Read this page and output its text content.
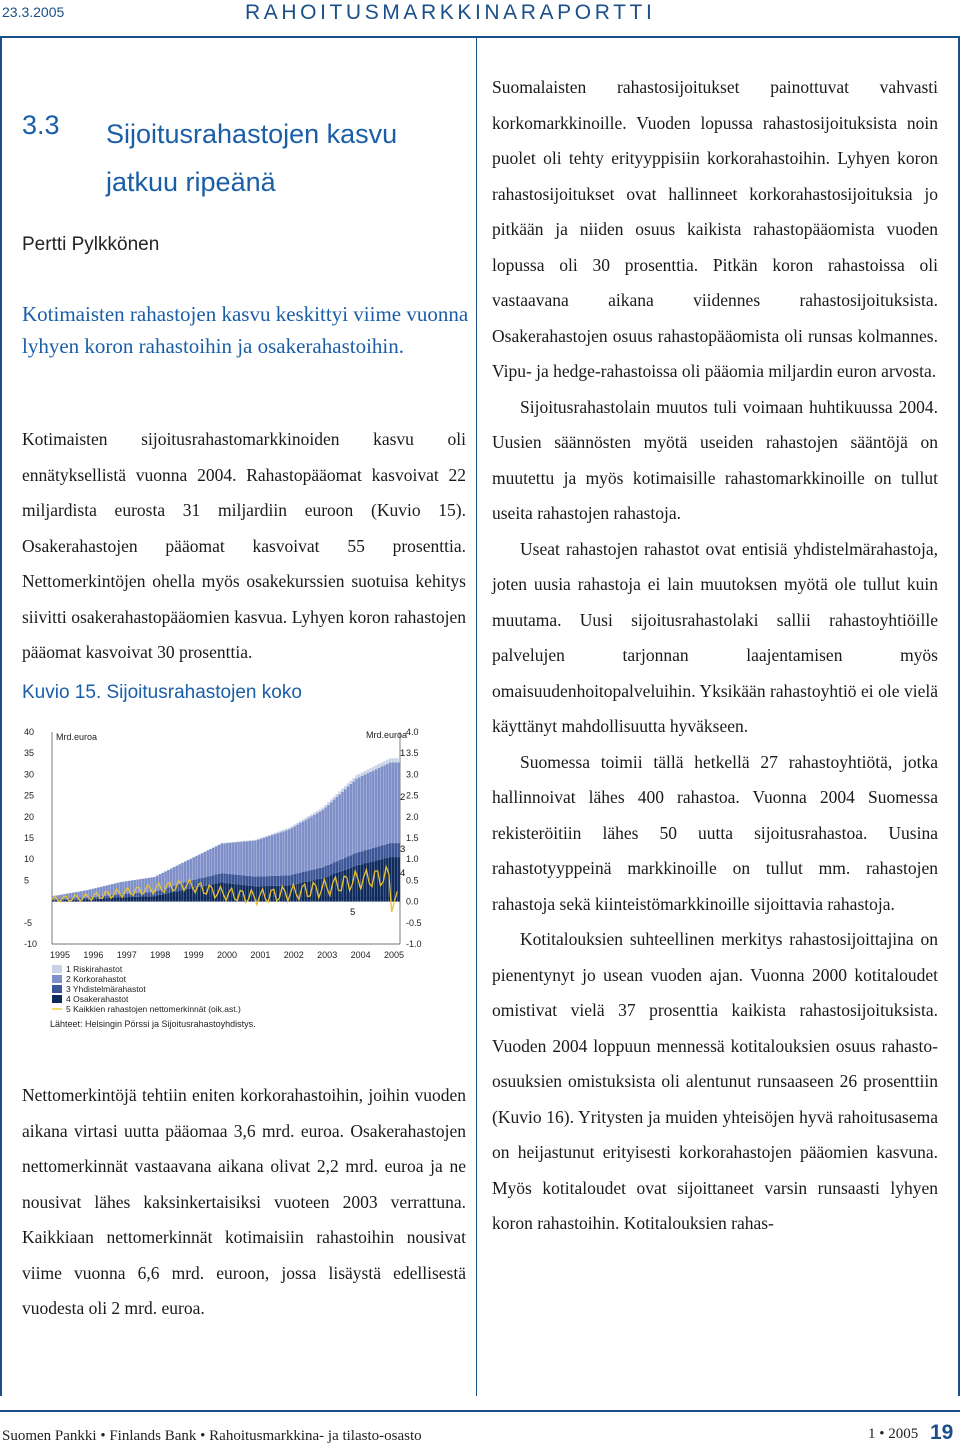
23.3.2005	RAHOITUSMARKKINARAPORTTI
3.3 Sijoitusrahastojen kasvu
jatkuu ripeänä
Pertti Pylkkönen
Kotimaisten rahastojen kasvu keskittyi viime vuonna lyhyen koron rahastoihin ja osakerahastoihin.
Kotimaisten sijoitusrahastomarkkinoiden kasvu oli ennätyksellistä vuonna 2004. Rahastopääomat kasvoivat 22 miljardista eurosta 31 miljardiin euroon (Kuvio 15). Osakerahastojen pääomat kasvoivat 55 prosenttia. Nettomerkintöjen ohella myös osakekurssien suotuisa kehitys siivitti osakerahastopääomien kasvua. Lyhyen koron rahastojen pääomat kasvoivat 30 prosenttia.
Kuvio 15. Sijoitusrahastojen koko
Mrd.euroa	Mrd.euroa
40
35
30
25
20
15
10
5
-5
-10
4.0
3.5
3.0
2.5
2.0
1.5
1.0
0.5
0.0
-0.5
-1.0
1995 1996 1997 1998 1999 2000 2001 2002 2003 2004 2005
1
2
3
4
5
1 Riskirahastot
2 Korkorahastot
3 Yhdistelmärahastot
4 Osakerahastot
5 Kaikkien rahastojen nettomerkinnät (oik.ast.)
Lähteet: Helsingin Pörssi ja Sijoitusrahastoyhdistys.
Nettomerkintöjä tehtiin eniten korkorahastoihin, joihin vuoden aikana virtasi uutta pääomaa 3,6 mrd. euroa. Osakerahastojen nettomerkinnät vastaavana aikana olivat 2,2 mrd. euroa ja ne nousivat lähes kaksinkertaisiksi vuoteen 2003 verrattuna. Kaikkiaan nettomerkinnät kotimaisiin rahastoihin nousivat viime vuonna 6,6 mrd. euroon, jossa lisäystä edellisestä vuodesta oli 2 mrd. euroa.

Suomalaisten rahastosijoitukset painottuvat vahvasti korkomarkkinoille. Vuoden lopussa rahastosijoituksista noin puolet oli tehty erityyppisiin korkorahastoihin. Lyhyen koron rahastosijoitukset ovat hallinneet korkorahastosijoituksia jo pitkään ja niiden osuus kaikista rahastopääomista vuoden lopussa oli 30 prosenttia. Pitkän koron rahastoissa oli vastaavana aikana viidennes rahastosijoituksista. Osakerahastojen osuus rahastopääomista oli runsas kolmannes. Vipu- ja hedge-rahastoissa oli pääomia miljardin euron arvosta.

Sijoitusrahastolain muutos tuli voimaan huhtikuussa 2004. Uusien säännösten myötä useiden rahastojen sääntöjä on muutettu ja myös kotimaisille rahastomarkkinoille on tullut useita rahastojen rahastoja.

Useat rahastojen rahastot ovat entisiä yhdistelmärahastoja, joten uusia rahastoja ei lain muutoksen myötä ole tullut kuin muutama. Uusi sijoitusrahastolaki sallii rahastoyhtiöille palvelujen tarjonnan laajentamisen myös omaisuudenhoitopalveluihin. Yksikään rahastoyhtiö ei ole vielä käyttänyt mahdollisuutta hyväkseen.

Suomessa toimii tällä hetkellä 27 rahastoyhtiötä, jotka hallinnoivat lähes 400 rahastoa. Vuonna 2004 Suomessa rekisteröitiin lähes 50 uutta sijoitusrahastoa. Uusina rahastotyyppeinä markkinoille on tullut mm. rahastojen rahastoja sekä kiinteistömarkkinoille sijoittavia rahastoja.

Kotitalouksien suhteellinen merkitys rahastosijoittajina on pienentynyt jo usean vuoden ajan. Vuonna 2000 kotitaloudet omistivat vielä 37 prosenttia kaikista rahastosijoituksista. Vuoden 2004 loppuun mennessä kotitalouksien osuus rahasto-osuuksien omistuksista oli alentunut runsaaseen 26 prosenttiin (Kuvio 16). Yritysten ja muiden yhteisöjen hyvä rahoitusasema on heijastunut erityisesti korkorahastojen pääomien kasvuna. Myös kotitaloudet ovat sijoittaneet varsin runsaasti lyhyen koron rahastoihin. Kotitalouksien rahas-

Suomen Pankki • Finlands Bank • Rahoitusmarkkina- ja tilasto-osasto	1 • 2005 19
